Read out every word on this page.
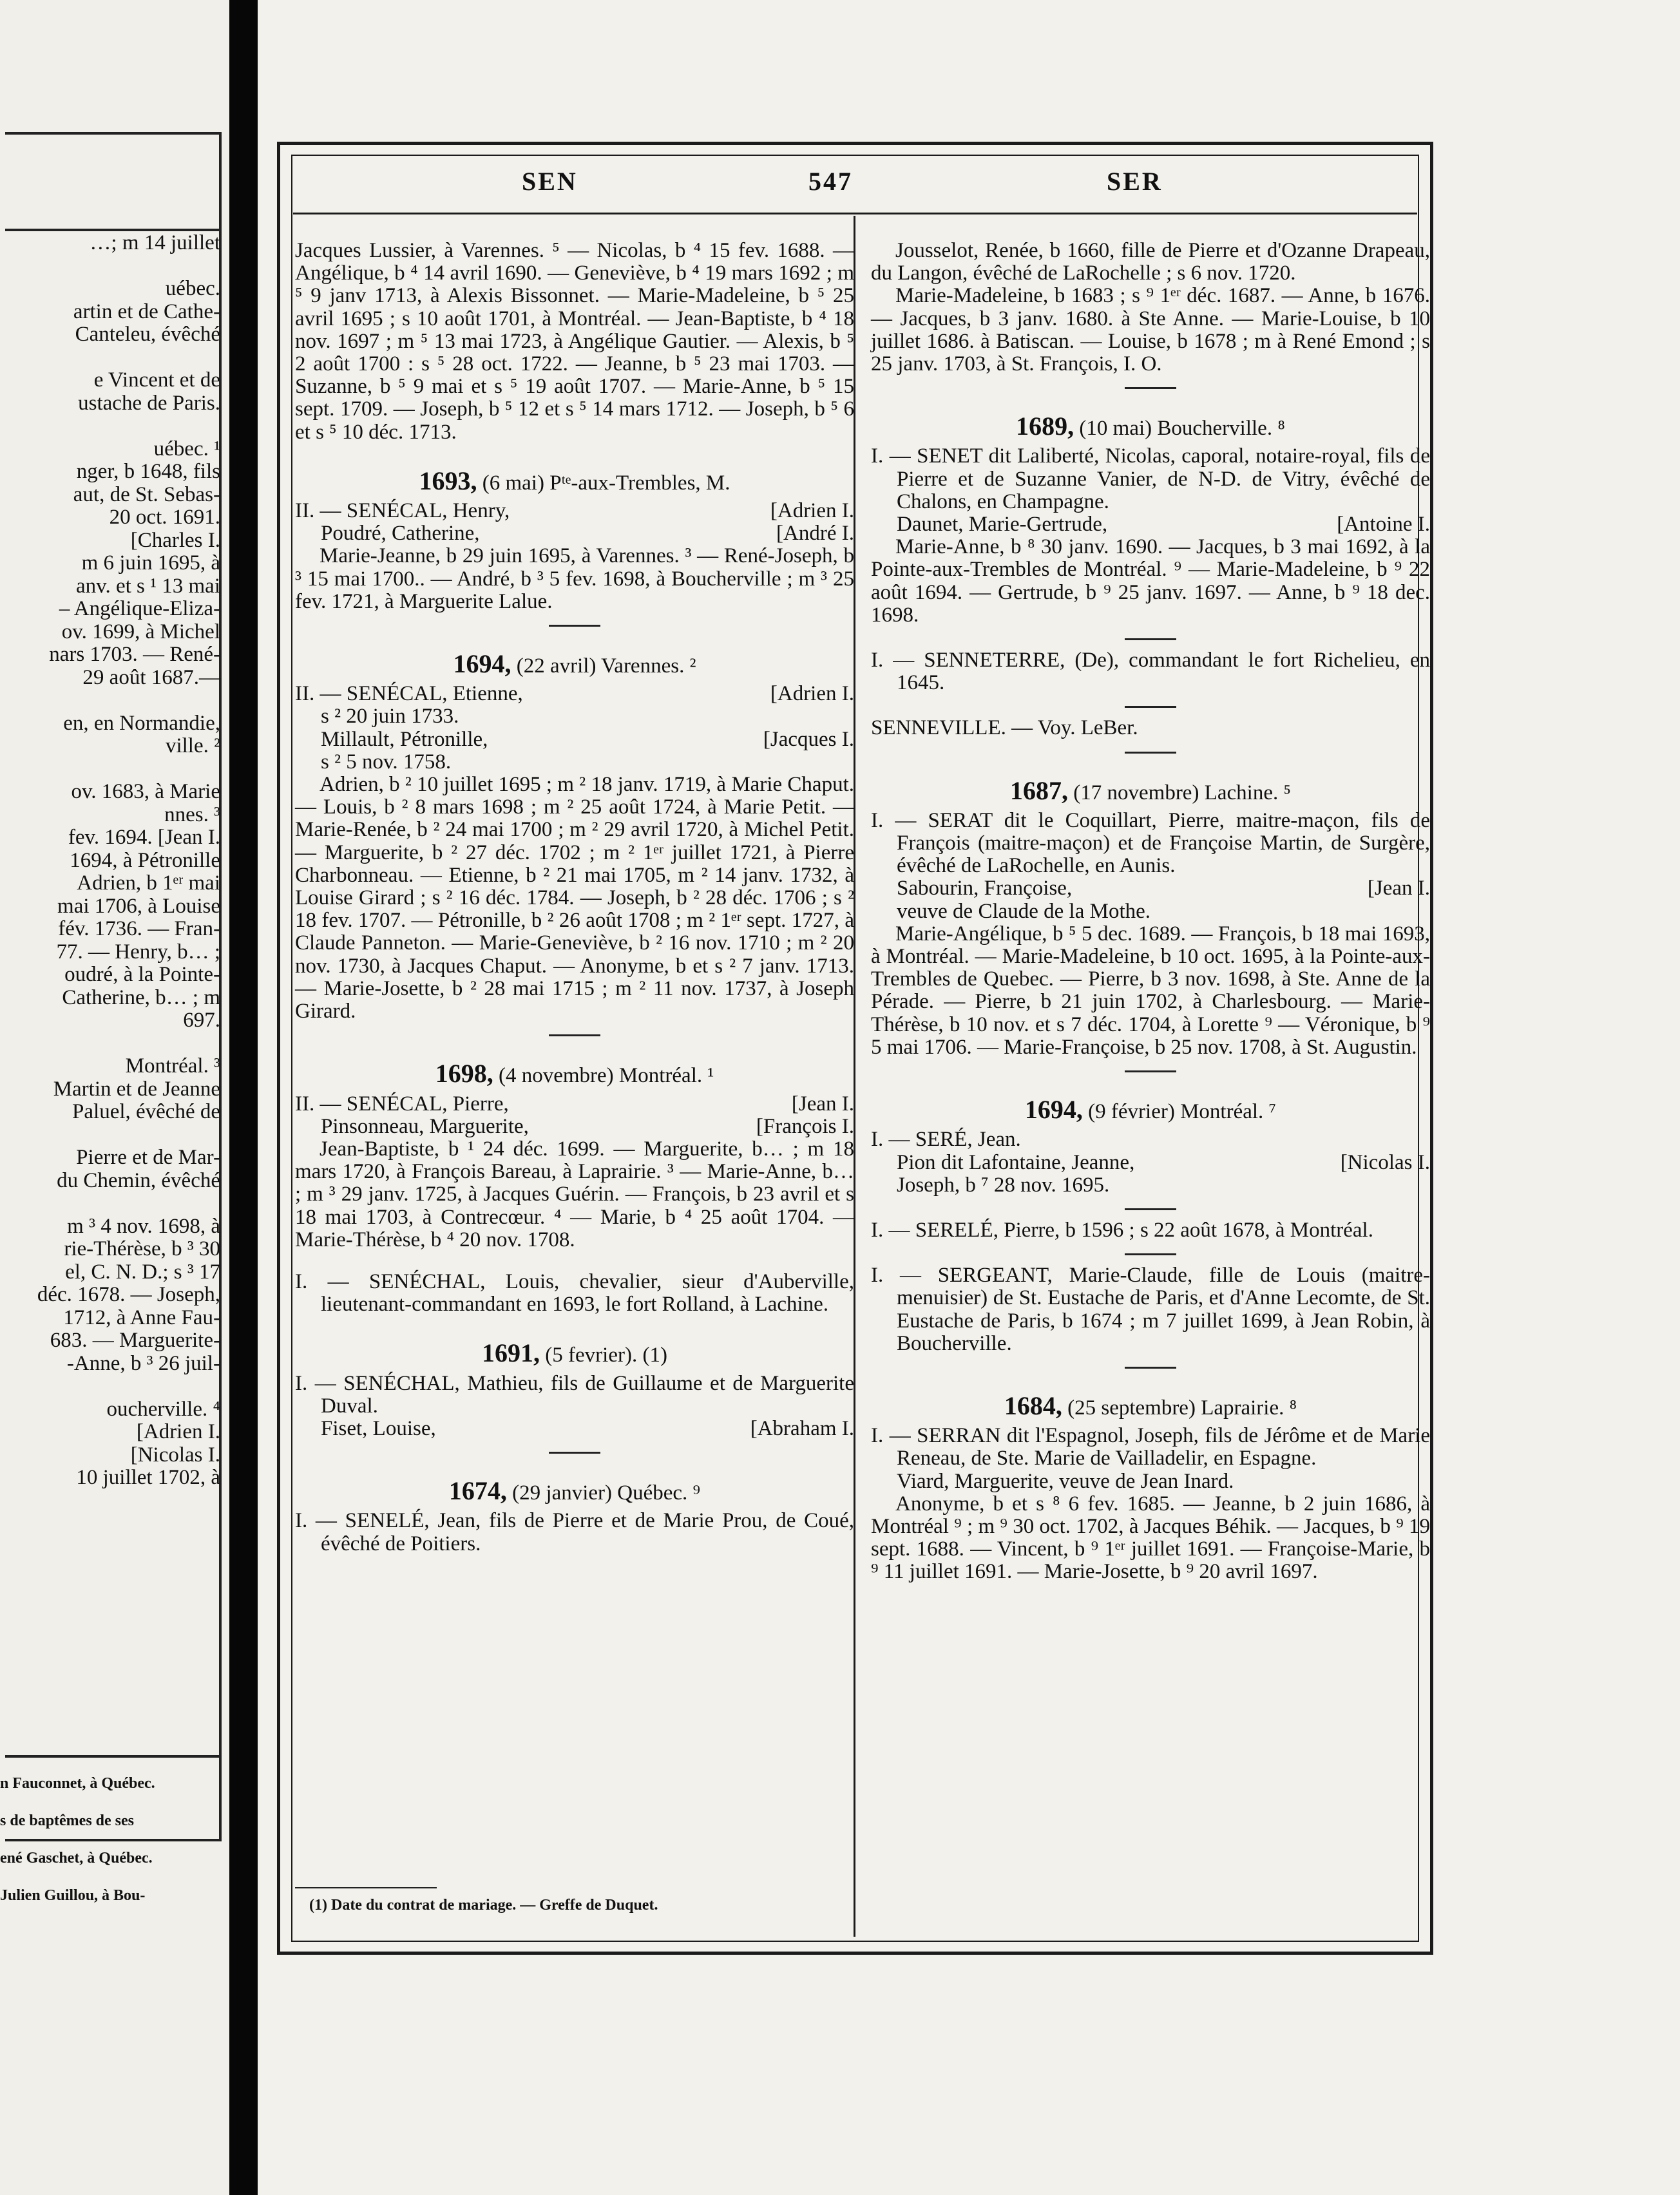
…; m 14 juillet
uébec.
artin et de Cathe-
Canteleu, évêché
e Vincent et de
ustache de Paris.
uébec. ¹
nger, b 1648, fils
aut, de St. Sebas-
20 oct. 1691.
[Charles I.
m 6 juin 1695, à
anv. et s ¹ 13 mai
– Angélique-Eliza-
ov. 1699, à Michel
nars 1703. — René-
29 août 1687.—
en, en Normandie,
ville. ²
ov. 1683, à Marie
nnes. ³
fev. 1694. [Jean I.
1694, à Pétronille
Adrien, b 1ᵉʳ mai
mai 1706, à Louise
fév. 1736. — Fran-
77. — Henry, b… ;
oudré, à la Pointe-
Catherine, b… ; m
697.
Montréal. ³
Martin et de Jeanne
Paluel, évêché de
Pierre et de Mar-
du Chemin, évêché
m ³ 4 nov. 1698, à
rie-Thérèse, b ³ 30
el, C. N. D.; s ³ 17
déc. 1678. — Joseph,
1712, à Anne Fau-
683. — Marguerite-
-Anne, b ³ 26 juil-
oucherville. ⁴
[Adrien I.
[Nicolas I.
10 juillet 1702, à
n Fauconnet, à Québec.
s de baptêmes de ses
ené Gaschet, à Québec.
Julien Guillou, à Bou-
SEN	547	SER

Jacques Lussier, à Varennes. ⁵ — Nicolas, b ⁴ 15 fev. 1688. — Angélique, b ⁴ 14 avril 1690. — Geneviève, b ⁴ 19 mars 1692 ; m ⁵ 9 janv 1713, à Alexis Bissonnet. — Marie-Madeleine, b ⁵ 25 avril 1695 ; s 10 août 1701, à Montréal. — Jean-Baptiste, b ⁴ 18 nov. 1697 ; m ⁵ 13 mai 1723, à Angélique Gautier. — Alexis, b ⁵ 2 août 1700 : s ⁵ 28 oct. 1722. — Jeanne, b ⁵ 23 mai 1703. — Suzanne, b ⁵ 9 mai et s ⁵ 19 août 1707. — Marie-Anne, b ⁵ 15 sept. 1709. — Joseph, b ⁵ 12 et s ⁵ 14 mars 1712. — Joseph, b ⁵ 6 et s ⁵ 10 déc. 1713.

1693, (6 mai) Pᵗᵉ-aux-Trembles, M.

[Adrien I.
II. — SENÉCAL, Henry,

[André I.
Poudré, Catherine,

Marie-Jeanne, b 29 juin 1695, à Varennes. ³ — René-Joseph, b ³ 15 mai 1700.. — André, b ³ 5 fev. 1698, à Boucherville ; m ³ 25 fev. 1721, à Marguerite Lalue.

1694, (22 avril) Varennes. ²

[Adrien I.
II. — SENÉCAL, Etienne,

s ² 20 juin 1733.

[Jacques I.
Millault, Pétronille,

s ² 5 nov. 1758.

Adrien, b ² 10 juillet 1695 ; m ² 18 janv. 1719, à Marie Chaput. — Louis, b ² 8 mars 1698 ; m ² 25 août 1724, à Marie Petit. — Marie-Renée, b ² 24 mai 1700 ; m ² 29 avril 1720, à Michel Petit. — Marguerite, b ² 27 déc. 1702 ; m ² 1ᵉʳ juillet 1721, à Pierre Charbonneau. — Etienne, b ² 21 mai 1705, m ² 14 janv. 1732, à Louise Girard ; s ² 16 déc. 1784. — Joseph, b ² 28 déc. 1706 ; s ² 18 fev. 1707. — Pétronille, b ² 26 août 1708 ; m ² 1ᵉʳ sept. 1727, à Claude Panneton. — Marie-Geneviève, b ² 16 nov. 1710 ; m ² 20 nov. 1730, à Jacques Chaput. — Anonyme, b et s ² 7 janv. 1713. — Marie-Josette, b ² 28 mai 1715 ; m ² 11 nov. 1737, à Joseph Girard.

1698, (4 novembre) Montréal. ¹

[Jean I.
II. — SENÉCAL, Pierre,

[François I.
Pinsonneau, Marguerite,

Jean-Baptiste, b ¹ 24 déc. 1699. — Marguerite, b… ; m 18 mars 1720, à François Bareau, à Laprairie. ³ — Marie-Anne, b… ; m ³ 29 janv. 1725, à Jacques Guérin. — François, b 23 avril et s 18 mai 1703, à Contrecœur. ⁴ — Marie, b ⁴ 25 août 1704. — Marie-Thérèse, b ⁴ 20 nov. 1708.

I. — SENÉCHAL, Louis, chevalier, sieur d'Auberville, lieutenant-commandant en 1693, le fort Rolland, à Lachine.

1691, (5 fevrier). (1)

I. — SENÉCHAL, Mathieu, fils de Guillaume et de Marguerite Duval.

[Abraham I.
Fiset, Louise,

1674, (29 janvier) Québec. ⁹

I. — SENELÉ, Jean, fils de Pierre et de Marie Prou, de Coué, évêché de Poitiers.

Jousselot, Renée, b 1660, fille de Pierre et d'Ozanne Drapeau, du Langon, évêché de LaRochelle ; s 6 nov. 1720.

Marie-Madeleine, b 1683 ; s ⁹ 1ᵉʳ déc. 1687. — Anne, b 1676. — Jacques, b 3 janv. 1680. à Ste Anne. — Marie-Louise, b 10 juillet 1686. à Batiscan. — Louise, b 1678 ; m à René Emond ; s 25 janv. 1703, à St. François, I. O.

1689, (10 mai) Boucherville. ⁸

I. — SENET dit Laliberté, Nicolas, caporal, notaire-royal, fils de Pierre et de Suzanne Vanier, de N-D. de Vitry, évêché de Chalons, en Champagne.

[Antoine I.
Daunet, Marie-Gertrude,

Marie-Anne, b ⁸ 30 janv. 1690. — Jacques, b 3 mai 1692, à la Pointe-aux-Trembles de Montréal. ⁹ — Marie-Madeleine, b ⁹ 22 août 1694. — Gertrude, b ⁹ 25 janv. 1697. — Anne, b ⁹ 18 dec. 1698.

I. — SENNETERRE, (De), commandant le fort Richelieu, en 1645.

SENNEVILLE. — Voy. LeBer.

1687, (17 novembre) Lachine. ⁵

I. — SERAT dit le Coquillart, Pierre, maitre-maçon, fils de François (maitre-maçon) et de Françoise Martin, de Surgère, évêché de LaRochelle, en Aunis.

[Jean I.
Sabourin, Françoise,

veuve de Claude de la Mothe.

Marie-Angélique, b ⁵ 5 dec. 1689. — François, b 18 mai 1693, à Montréal. — Marie-Madeleine, b 10 oct. 1695, à la Pointe-aux-Trembles de Quebec. — Pierre, b 3 nov. 1698, à Ste. Anne de la Pérade. — Pierre, b 21 juin 1702, à Charlesbourg. — Marie-Thérèse, b 10 nov. et s 7 déc. 1704, à Lorette ⁹ — Véronique, b ⁹ 5 mai 1706. — Marie-Françoise, b 25 nov. 1708, à St. Augustin.

1694, (9 février) Montréal. ⁷

I. — SERÉ, Jean.

[Nicolas I.
Pion dit Lafontaine, Jeanne,

Joseph, b ⁷ 28 nov. 1695.

I. — SERELÉ, Pierre, b 1596 ; s 22 août 1678, à Montréal.

I. — SERGEANT, Marie-Claude, fille de Louis (maitre-menuisier) de St. Eustache de Paris, et d'Anne Lecomte, de St. Eustache de Paris, b 1674 ; m 7 juillet 1699, à Jean Robin, à Boucherville.

1684, (25 septembre) Laprairie. ⁸

I. — SERRAN dit l'Espagnol, Joseph, fils de Jérôme et de Marie Reneau, de Ste. Marie de Vailladelir, en Espagne.

Viard, Marguerite, veuve de Jean Inard.

Anonyme, b et s ⁸ 6 fev. 1685. — Jeanne, b 2 juin 1686, à Montréal ⁹ ; m ⁹ 30 oct. 1702, à Jacques Béhik. — Jacques, b ⁹ 19 sept. 1688. — Vincent, b ⁹ 1ᵉʳ juillet 1691. — Françoise-Marie, b ⁹ 11 juillet 1691. — Marie-Josette, b ⁹ 20 avril 1697.

(1) Date du contrat de mariage. — Greffe de Duquet.
